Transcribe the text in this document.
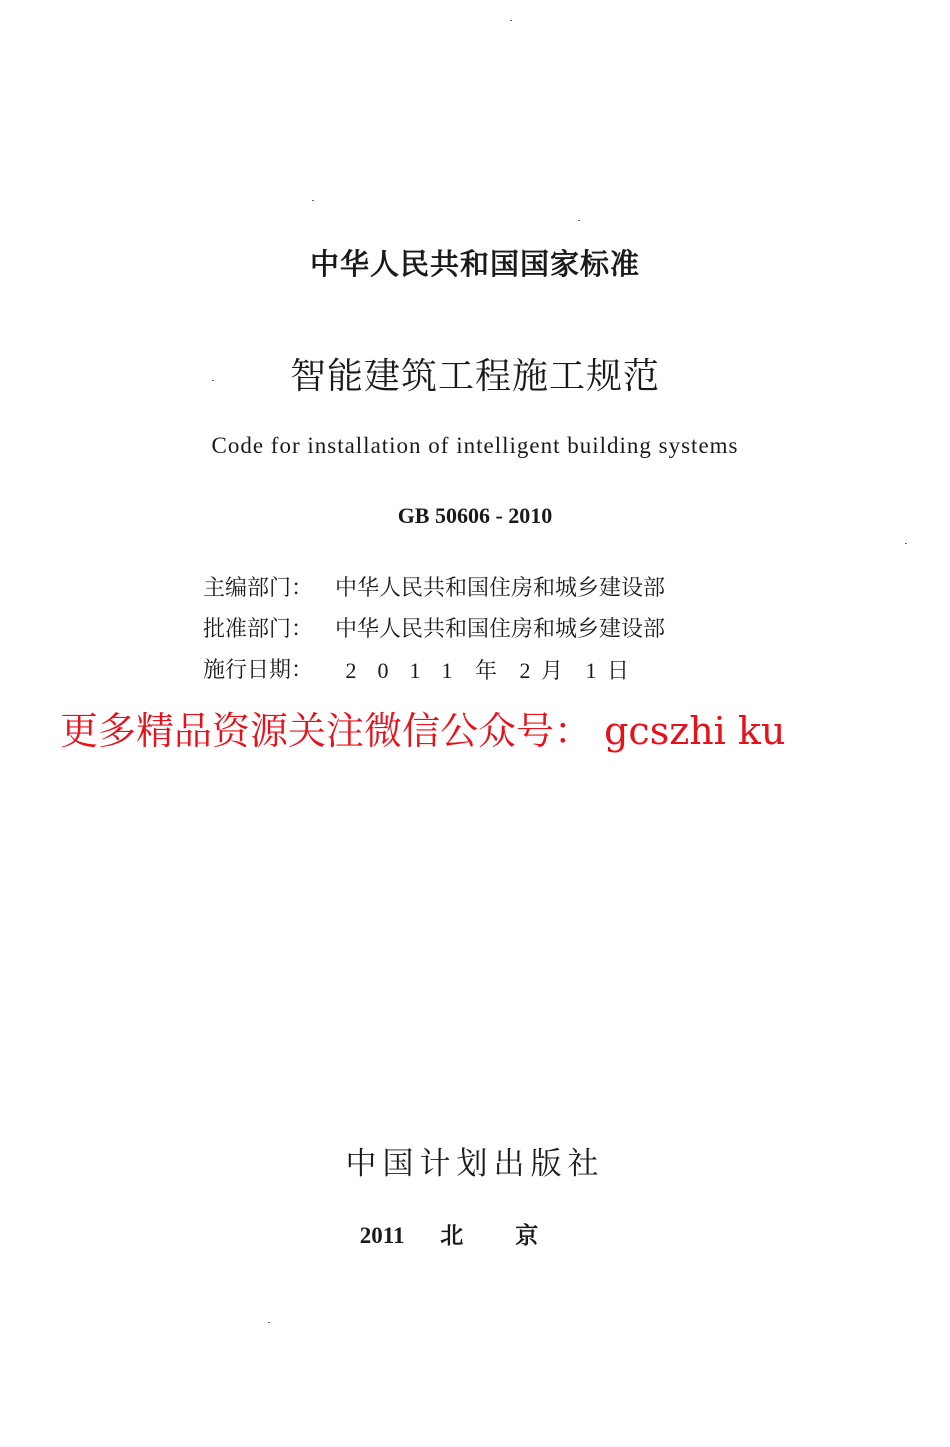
中华人民共和国国家标准
智能建筑工程施工规范
Code for installation of intelligent building systems
GB 50606 - 2010
主编部门： 中华人民共和国住房和城乡建设部
批准部门： 中华人民共和国住房和城乡建设部
施行日期：	2 0 1 1 年 2 月 1 日
更多精品资源关注微信公众号： gcszhi ku
中国计划出版社
2011 北京
